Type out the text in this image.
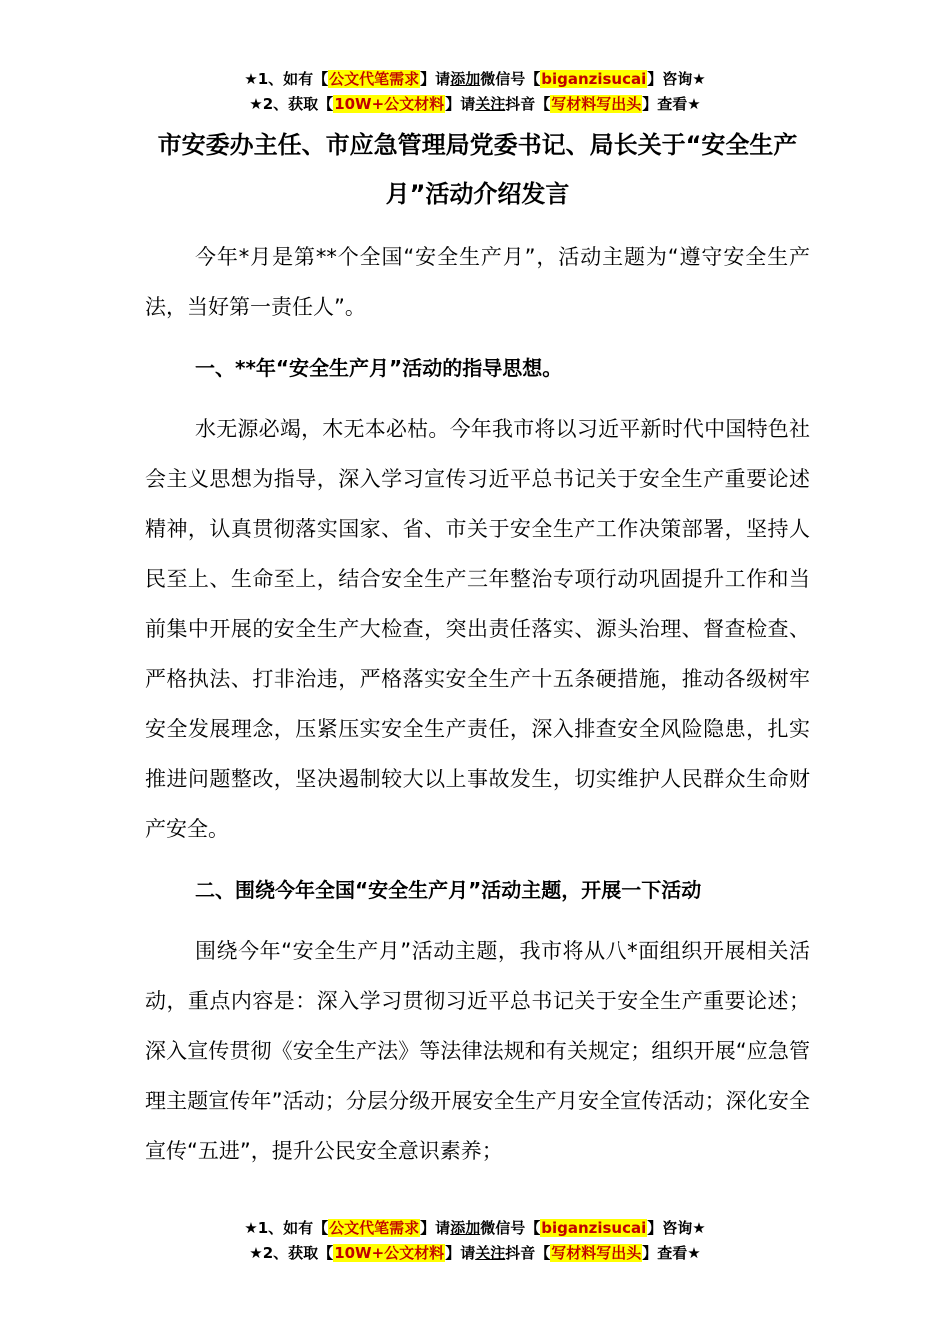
★1、如有【公文代笔需求】请添加微信号【biganzisucai】咨询★
★2、获取【10W+公文材料】请关注抖音【写材料写出头】查看★
市安委办主任、市应急管理局党委书记、局长关于“安全生产月”活动介绍发言

今年*月是第**个全国“安全生产月”，活动主题为“遵守安全生产法，当好第一责任人”。

一、**年“安全生产月”活动的指导思想。

水无源必竭，木无本必枯。今年我市将以习近平新时代中国特色社会主义思想为指导，深入学习宣传习近平总书记关于安全生产重要论述精神，认真贯彻落实国家、省、市关于安全生产工作决策部署，坚持人民至上、生命至上，结合安全生产三年整治专项行动巩固提升工作和当前集中开展的安全生产大检查，突出责任落实、源头治理、督查检查、严格执法、打非治违，严格落实安全生产十五条硬措施，推动各级树牢安全发展理念，压紧压实安全生产责任，深入排查安全风险隐患，扎实推进问题整改，坚决遏制较大以上事故发生，切实维护人民群众生命财产安全。

二、围绕今年全国“安全生产月”活动主题，开展一下活动

围绕今年“安全生产月”活动主题，我市将从八*面组织开展相关活动，重点内容是：深入学习贯彻习近平总书记关于安全生产重要论述；深入宣传贯彻《安全生产法》等法律法规和有关规定；组织开展“应急管理主题宣传年”活动；分层分级开展安全生产月安全宣传活动；深化安全宣传“五进”，提升公民安全意识素养；

★1、如有【公文代笔需求】请添加微信号【biganzisucai】咨询★
★2、获取【10W+公文材料】请关注抖音【写材料写出头】查看★
